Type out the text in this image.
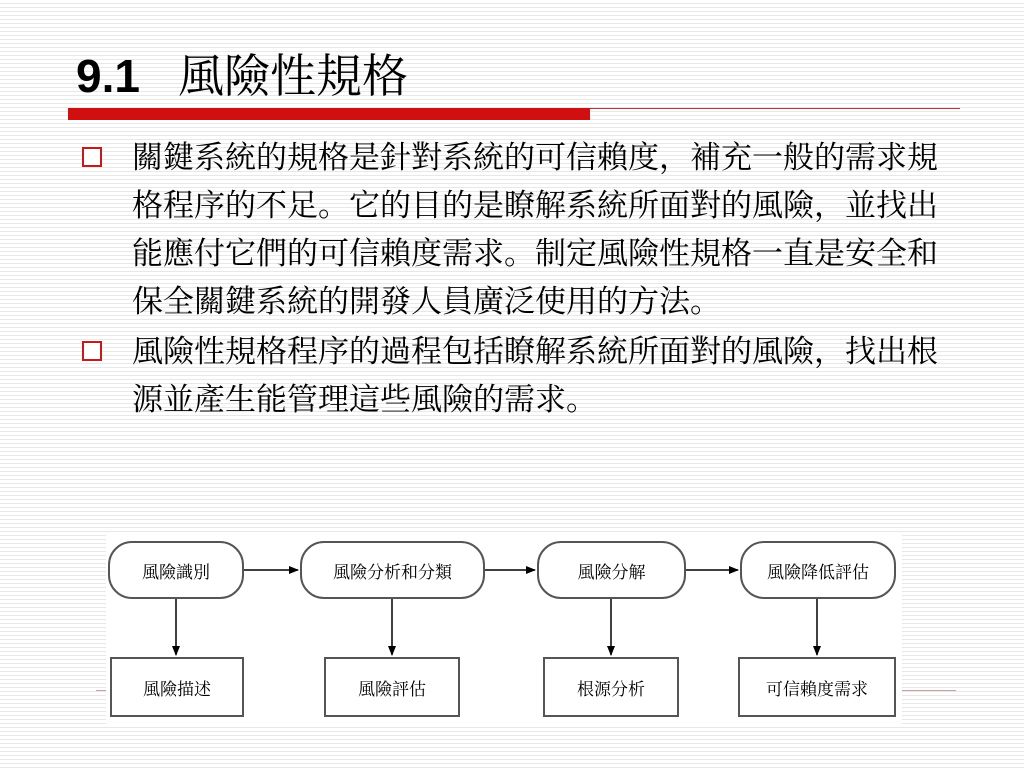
9.1 風險性規格
關鍵系統的規格是針對系統的可信賴度，補充一般的需求規格程序的不足。它的目的是瞭解系統所面對的風險，並找出能應付它們的可信賴度需求。制定風險性規格一直是安全和保全關鍵系統的開發人員廣泛使用的方法。
風險性規格程序的過程包括瞭解系統所面對的風險，找出根源並產生能管理這些風險的需求。
風險識別	風險分析和分類	風險分解	風險降低評估
風險描述	風險評估	根源分析	可信賴度需求
